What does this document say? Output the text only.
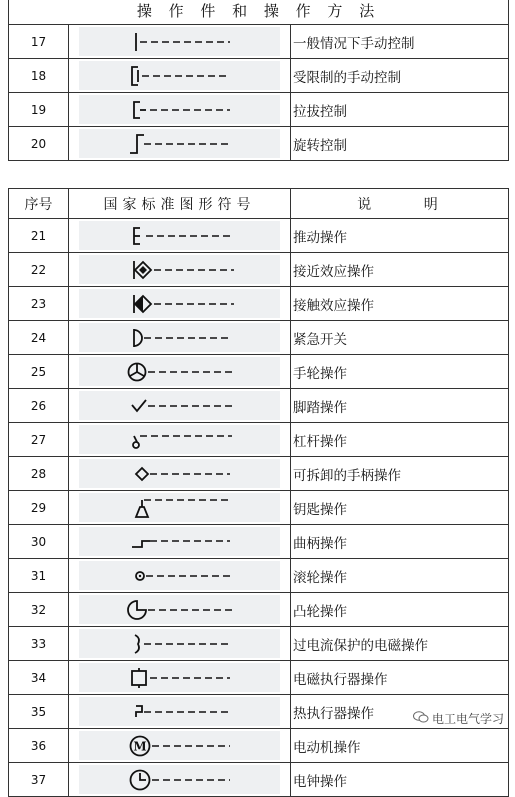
操 作 件 和 操 作 方 法		
17		一般情况下手动控制
18		受限制的手动控制
19		拉拔控制
20		旋转控制
序号	国家标准图形符号	说 明
21		推动操作
22		接近效应操作
23		接触效应操作
24		紧急开关
25		手轮操作
26		脚踏操作
27		杠杆操作
28		可拆卸的手柄操作
29		钥匙操作
30		曲柄操作
31		滚轮操作
32		凸轮操作
33		过电流保护的电磁操作
34		电磁执行器操作
35		热执行器操作
36	M	电动机操作
37		电钟操作
电工电气学习
